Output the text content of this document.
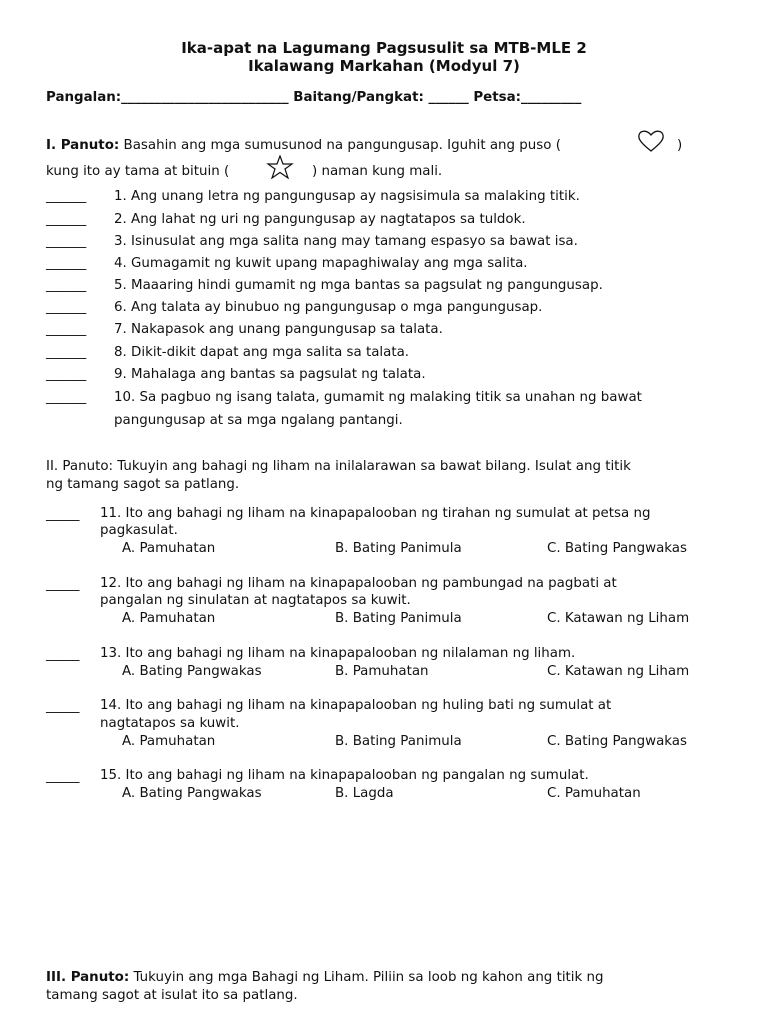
Ika-apat na Lagumang Pagsusulit sa MTB-MLE 2
Ikalawang Markahan (Modyul 7)
Pangalan:_________________________ Baitang/Pangkat: ______ Petsa:_________
I. Panuto: Basahin ang mga sumusunod na pangungusap. Iguhit ang puso (	)
kung ito ay tama at bituin (	) naman kung mali.
______ 1. Ang unang letra ng pangungusap ay nagsisimula sa malaking titik.
______ 2. Ang lahat ng uri ng pangungusap ay nagtatapos sa tuldok.
______ 3. Isinusulat ang mga salita nang may tamang espasyo sa bawat isa.
______ 4. Gumagamit ng kuwit upang mapaghiwalay ang mga salita.
______ 5. Maaaring hindi gumamit ng mga bantas sa pagsulat ng pangungusap.
______ 6. Ang talata ay binubuo ng pangungusap o mga pangungusap.
______ 7. Nakapasok ang unang pangungusap sa talata.
______ 8. Dikit-dikit dapat ang mga salita sa talata.
______ 9. Mahalaga ang bantas sa pagsulat ng talata.
______ 10. Sa pagbuo ng isang talata, gumamit ng malaking titik sa unahan ng bawat
pangungusap at sa mga ngalang pantangi.
II. Panuto: Tukuyin ang bahagi ng liham na inilalarawan sa bawat bilang. Isulat ang titik
ng tamang sagot sa patlang.
_____ 11. Ito ang bahagi ng liham na kinapapalooban ng tirahan ng sumulat at petsa ng
pagkasulat.
A. Pamuhatan	B. Bating Panimula	C. Bating Pangwakas
_____ 12. Ito ang bahagi ng liham na kinapapalooban ng pambungad na pagbati at
pangalan ng sinulatan at nagtatapos sa kuwit.
A. Pamuhatan	B. Bating Panimula	C. Katawan ng Liham
_____ 13. Ito ang bahagi ng liham na kinapapalooban ng nilalaman ng liham.
A. Bating Pangwakas	B. Pamuhatan	C. Katawan ng Liham
_____ 14. Ito ang bahagi ng liham na kinapapalooban ng huling bati ng sumulat at
nagtatapos sa kuwit.
A. Pamuhatan	B. Bating Panimula	C. Bating Pangwakas
_____ 15. Ito ang bahagi ng liham na kinapapalooban ng pangalan ng sumulat.
A. Bating Pangwakas	B. Lagda	C. Pamuhatan
III. Panuto: Tukuyin ang mga Bahagi ng Liham. Piliin sa loob ng kahon ang titik ng
tamang sagot at isulat ito sa patlang.
